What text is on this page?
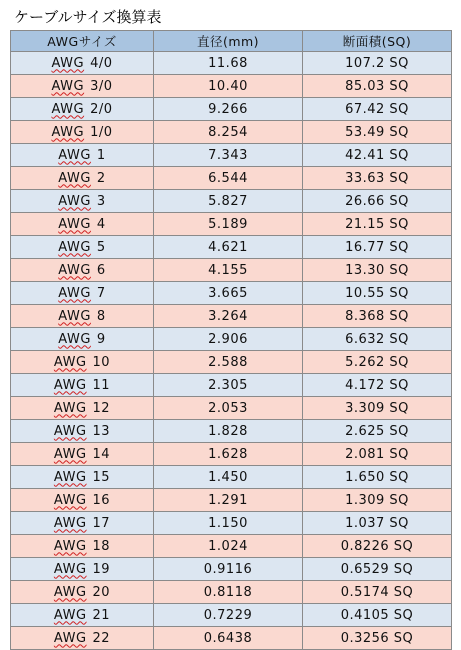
ケーブルサイズ換算表
AWGサイズ	直径(mm)	断面積(SQ)
AWG 4/0	11.68	107.2 SQ
AWG 3/0	10.40	85.03 SQ
AWG 2/0	9.266	67.42 SQ
AWG 1/0	8.254	53.49 SQ
AWG 1	7.343	42.41 SQ
AWG 2	6.544	33.63 SQ
AWG 3	5.827	26.66 SQ
AWG 4	5.189	21.15 SQ
AWG 5	4.621	16.77 SQ
AWG 6	4.155	13.30 SQ
AWG 7	3.665	10.55 SQ
AWG 8	3.264	8.368 SQ
AWG 9	2.906	6.632 SQ
AWG 10	2.588	5.262 SQ
AWG 11	2.305	4.172 SQ
AWG 12	2.053	3.309 SQ
AWG 13	1.828	2.625 SQ
AWG 14	1.628	2.081 SQ
AWG 15	1.450	1.650 SQ
AWG 16	1.291	1.309 SQ
AWG 17	1.150	1.037 SQ
AWG 18	1.024	0.8226 SQ
AWG 19	0.9116	0.6529 SQ
AWG 20	0.8118	0.5174 SQ
AWG 21	0.7229	0.4105 SQ
AWG 22	0.6438	0.3256 SQ
